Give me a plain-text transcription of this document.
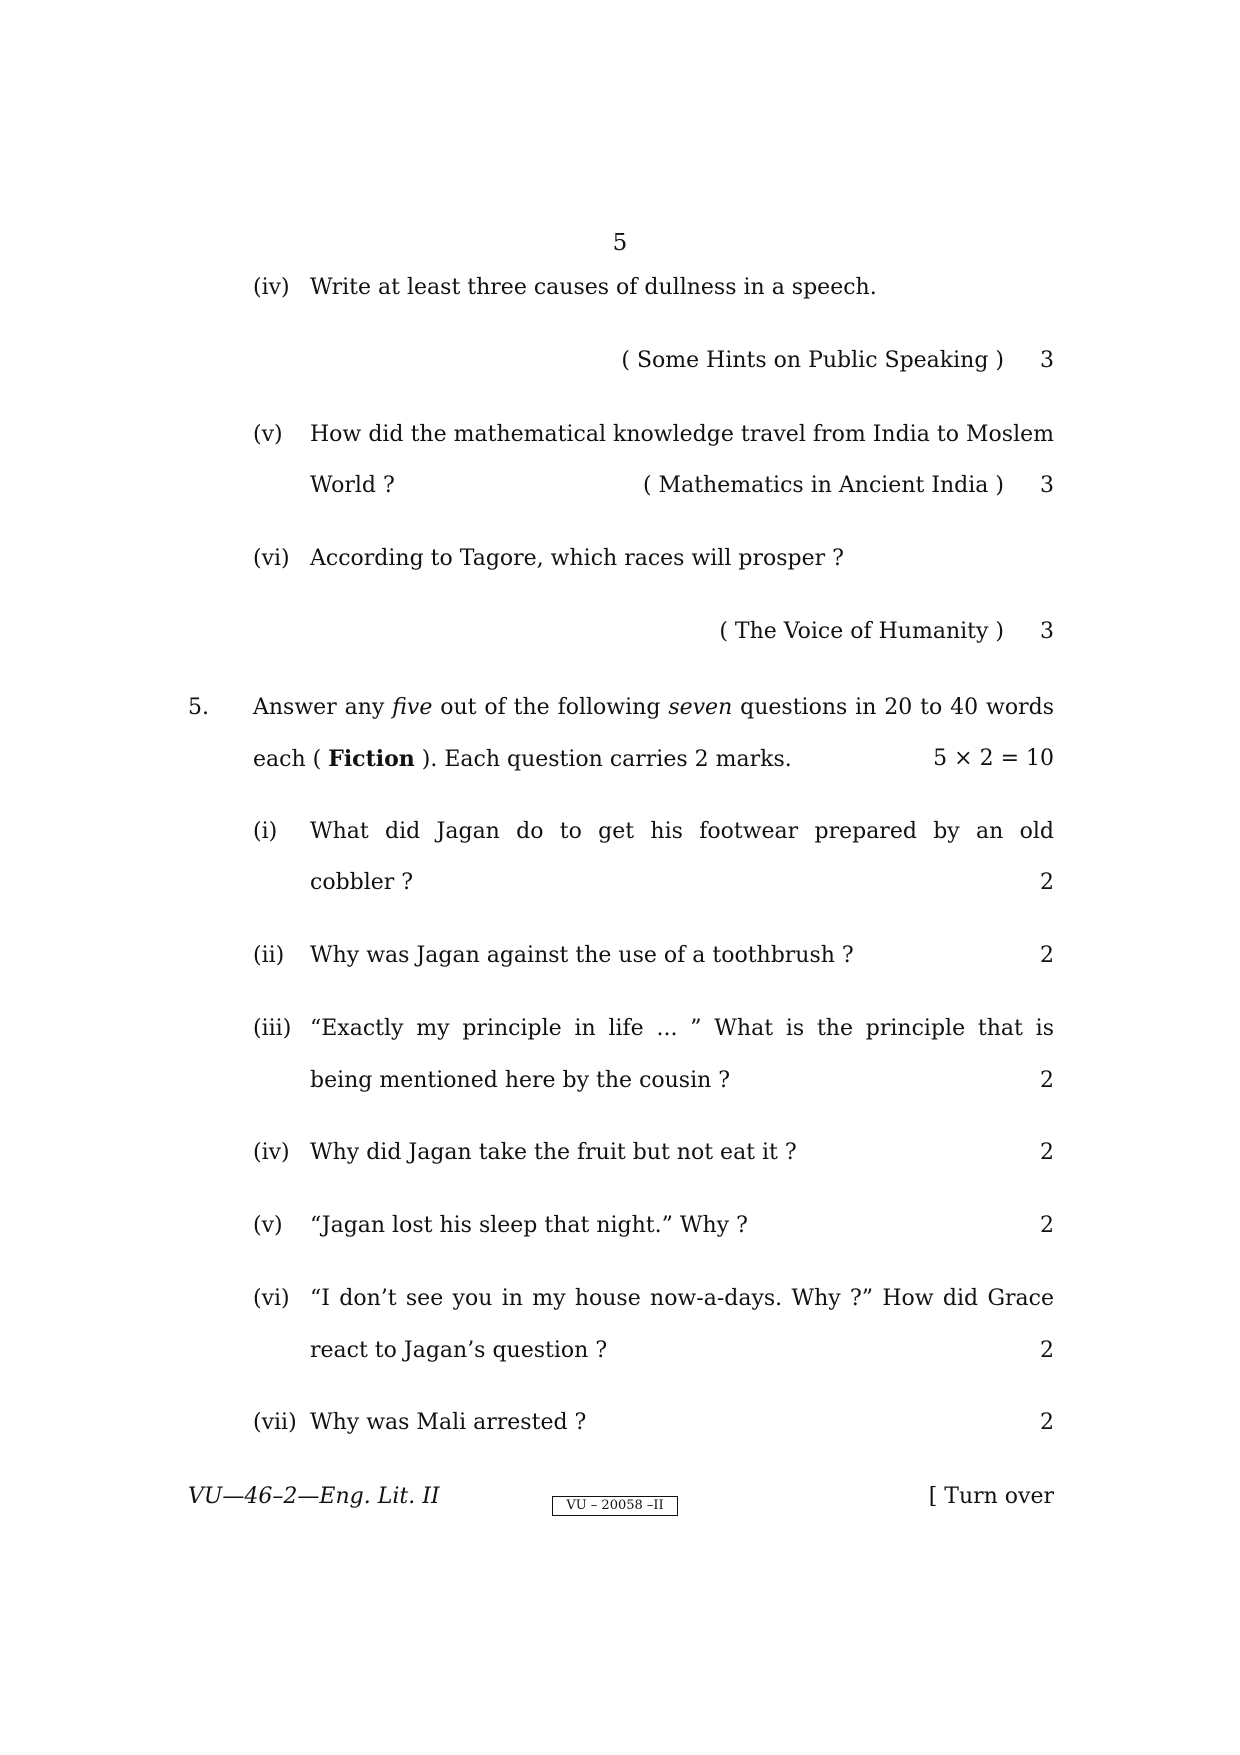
5
(iv) Write at least three causes of dullness in a speech.
( Some Hints on Public Speaking ) 3
(v) How did the mathematical knowledge travel from India to Moslem
World ?	( Mathematics in Ancient India ) 3
(vi) According to Tagore, which races will prosper ?
( The Voice of Humanity ) 3
5. Answer any five out of the following seven questions in 20 to 40 words
each ( Fiction ). Each question carries 2 marks.	5 × 2 = 10
(i) What did Jagan do to get his footwear prepared by an old
cobbler ?	2
(ii) Why was Jagan against the use of a toothbrush ?	2
(iii) “Exactly my principle in life ... ” What is the principle that is
being mentioned here by the cousin ?	2
(iv) Why did Jagan take the fruit but not eat it ?	2
(v) “Jagan lost his sleep that night.” Why ?	2
(vi) “I don’t see you in my house now-a-days. Why ?” How did Grace
react to Jagan’s question ?	2
(vii) Why was Mali arrested ?	2
VU—46–2—Eng. Lit. II	VU – 20058 –II	[ Turn over
